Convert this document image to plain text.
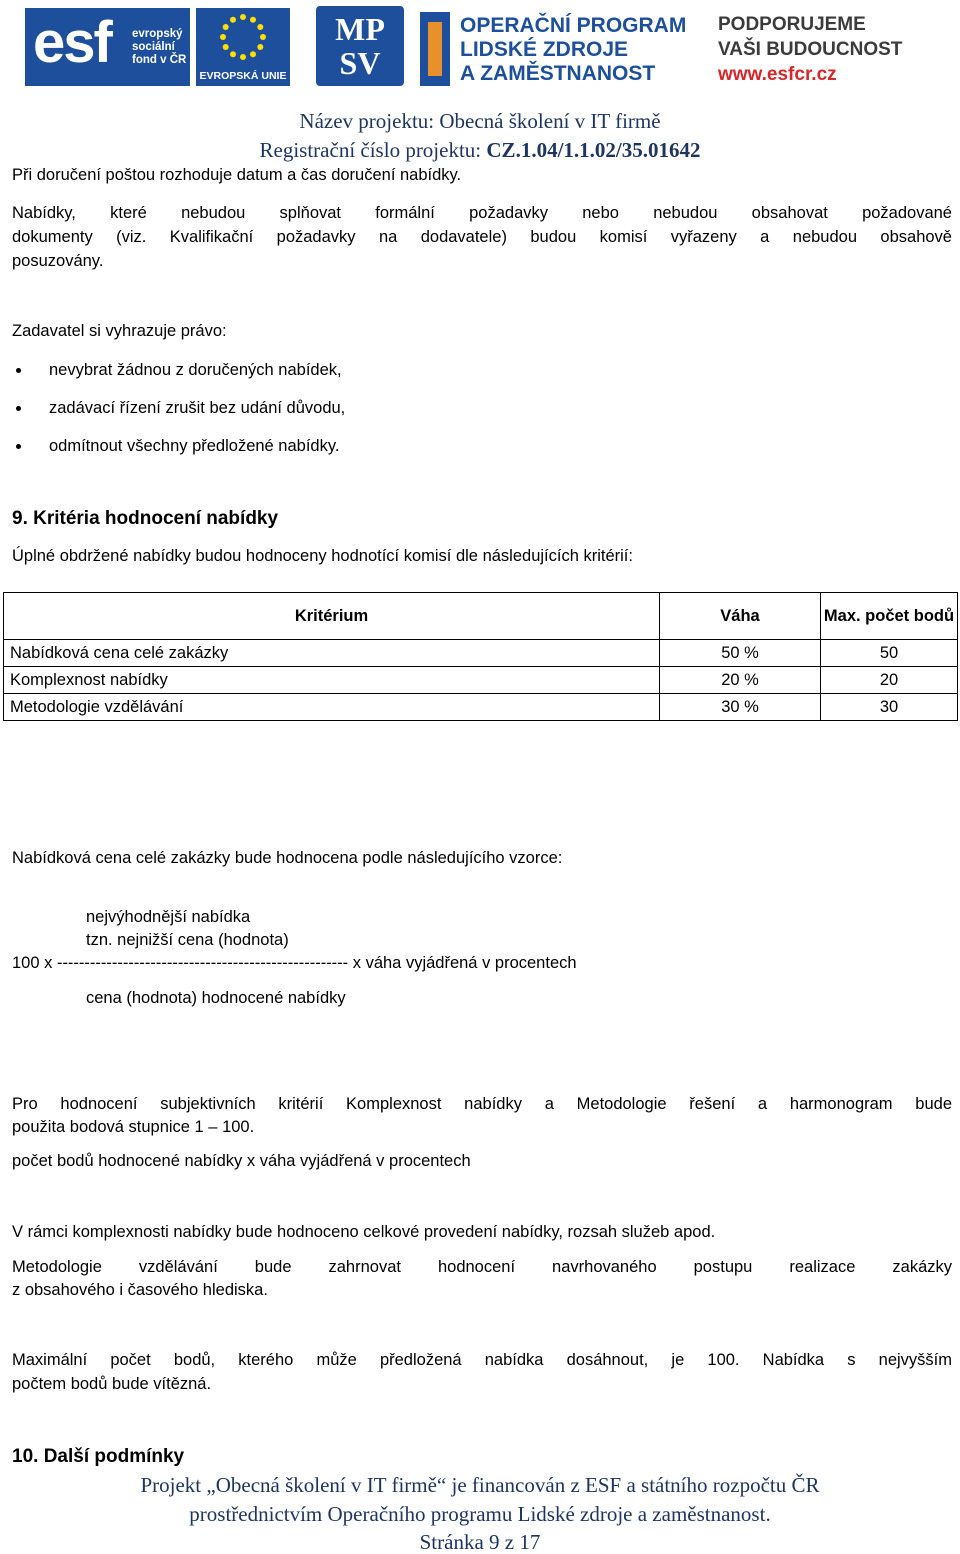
esf evropský
sociální
fond v ČR
EVROPSKÁ UNIE
MP
SV
OPERAČNÍ PROGRAM
LIDSKÉ ZDROJE
A ZAMĚSTNANOST
PODPORUJEME
VAŠI BUDOUCNOST
www.esfcr.cz
Název projektu: Obecná školení v IT firmě
Registrační číslo projektu: CZ.1.04/1.1.02/35.01642
Při doručení poštou rozhoduje datum a čas doručení nabídky.
Nabídky, které nebudou splňovat formální požadavky nebo nebudou obsahovat požadované
dokumenty (viz. Kvalifikační požadavky na dodavatele) budou komisí vyřazeny a nebudou obsahově
posuzovány.
Zadavatel si vyhrazuje právo:
nevybrat žádnou z doručených nabídek,
zadávací řízení zrušit bez udání důvodu,
odmítnout všechny předložené nabídky.
9. Kritéria hodnocení nabídky
Úplné obdržené nabídky budou hodnoceny hodnotící komisí dle následujících kritérií:
Kritérium	Váha	Max. počet bodů
Nabídková cena celé zakázky	50 %	50
Komplexnost nabídky	20 %	20
Metodologie vzdělávání	30 %	30
Nabídková cena celé zakázky bude hodnocena podle následujícího vzorce:
nejvýhodnější nabídka
tzn. nejnižší cena (hodnota)
100 x ----------------------------------------------------- x váha vyjádřená v procentech
cena (hodnota) hodnocené nabídky
Pro hodnocení subjektivních kritérií Komplexnost nabídky a Metodologie řešení a harmonogram bude
použita bodová stupnice 1 – 100.
počet bodů hodnocené nabídky x váha vyjádřená v procentech
V rámci komplexnosti nabídky bude hodnoceno celkové provedení nabídky, rozsah služeb apod.
Metodologie vzdělávání bude zahrnovat hodnocení navrhovaného postupu realizace zakázky
z obsahového i časového hlediska.
Maximální počet bodů, kterého může předložená nabídka dosáhnout, je 100. Nabídka s nejvyšším
počtem bodů bude vítězná.
10. Další podmínky
Projekt „Obecná školení v IT firmě“ je financován z ESF a státního rozpočtu ČR
prostřednictvím Operačního programu Lidské zdroje a zaměstnanost.
Stránka 9 z 17
